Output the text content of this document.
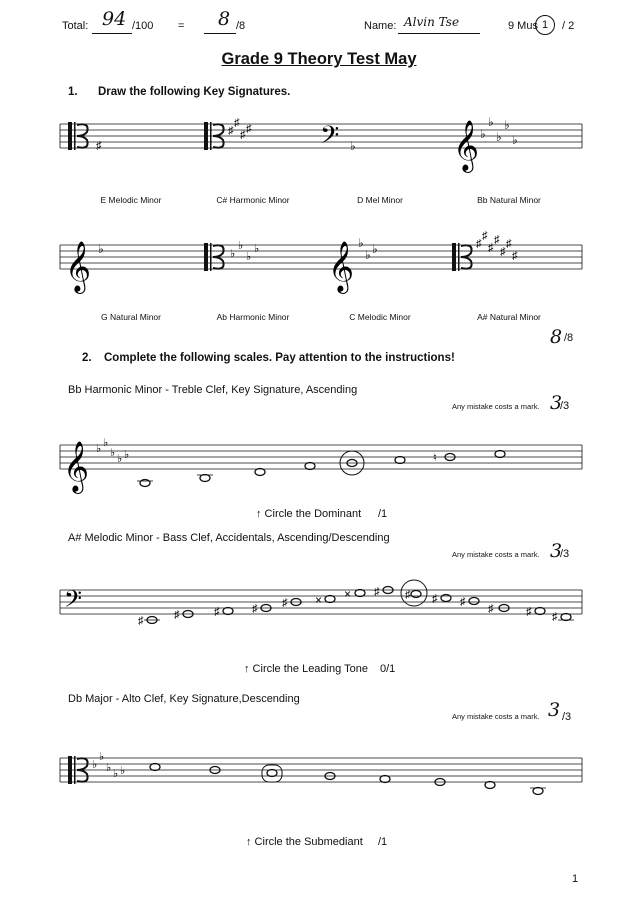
Total: 94 /100 = 8 /8	Name: Alvin Tse	9 Mus 1	/ 2
Grade 9 Theory Test May
1. Draw the following Key Signatures.
♯
♯
♯
♯ ♯ 𝄢 ♭ 𝄞 ♭
♭
♭
♭
♭
E Melodic Minor	C# Harmonic Minor	D Mel Minor	Bb Natural Minor
𝄞 ♭	♭
♭
♭
♭ 𝄞 ♭
♭ ♭	♯
♯
♯
♯
♯
♯
♯
G Natural Minor	Ab Harmonic Minor	C Melodic Minor	A# Natural Minor
8 /8
2. Complete the following scales. Pay attention to the instructions!
Bb Harmonic Minor - Treble Clef, Key Signature, Ascending
Any mistake costs a mark. 3
/3
𝄞 ♭ ♭
♭ ♭ ♭	♮
↑ Circle the Dominant /1
A# Melodic Minor - Bass Clef, Accidentals, Ascending/Descending
Any mistake costs a mark. 3
/3
𝄢
♯	♯	♯	♯ ♯ × × ♯ ♯ ♯ ♯
♯	♯ ♯
↑ Circle the Leading Tone 0/1
Db Major - Alto Clef, Key Signature,Descending
Any mistake costs a mark. 3 /3
♭
♭
♭ ♭ ♭
↑ Circle the Submediant /1
1
